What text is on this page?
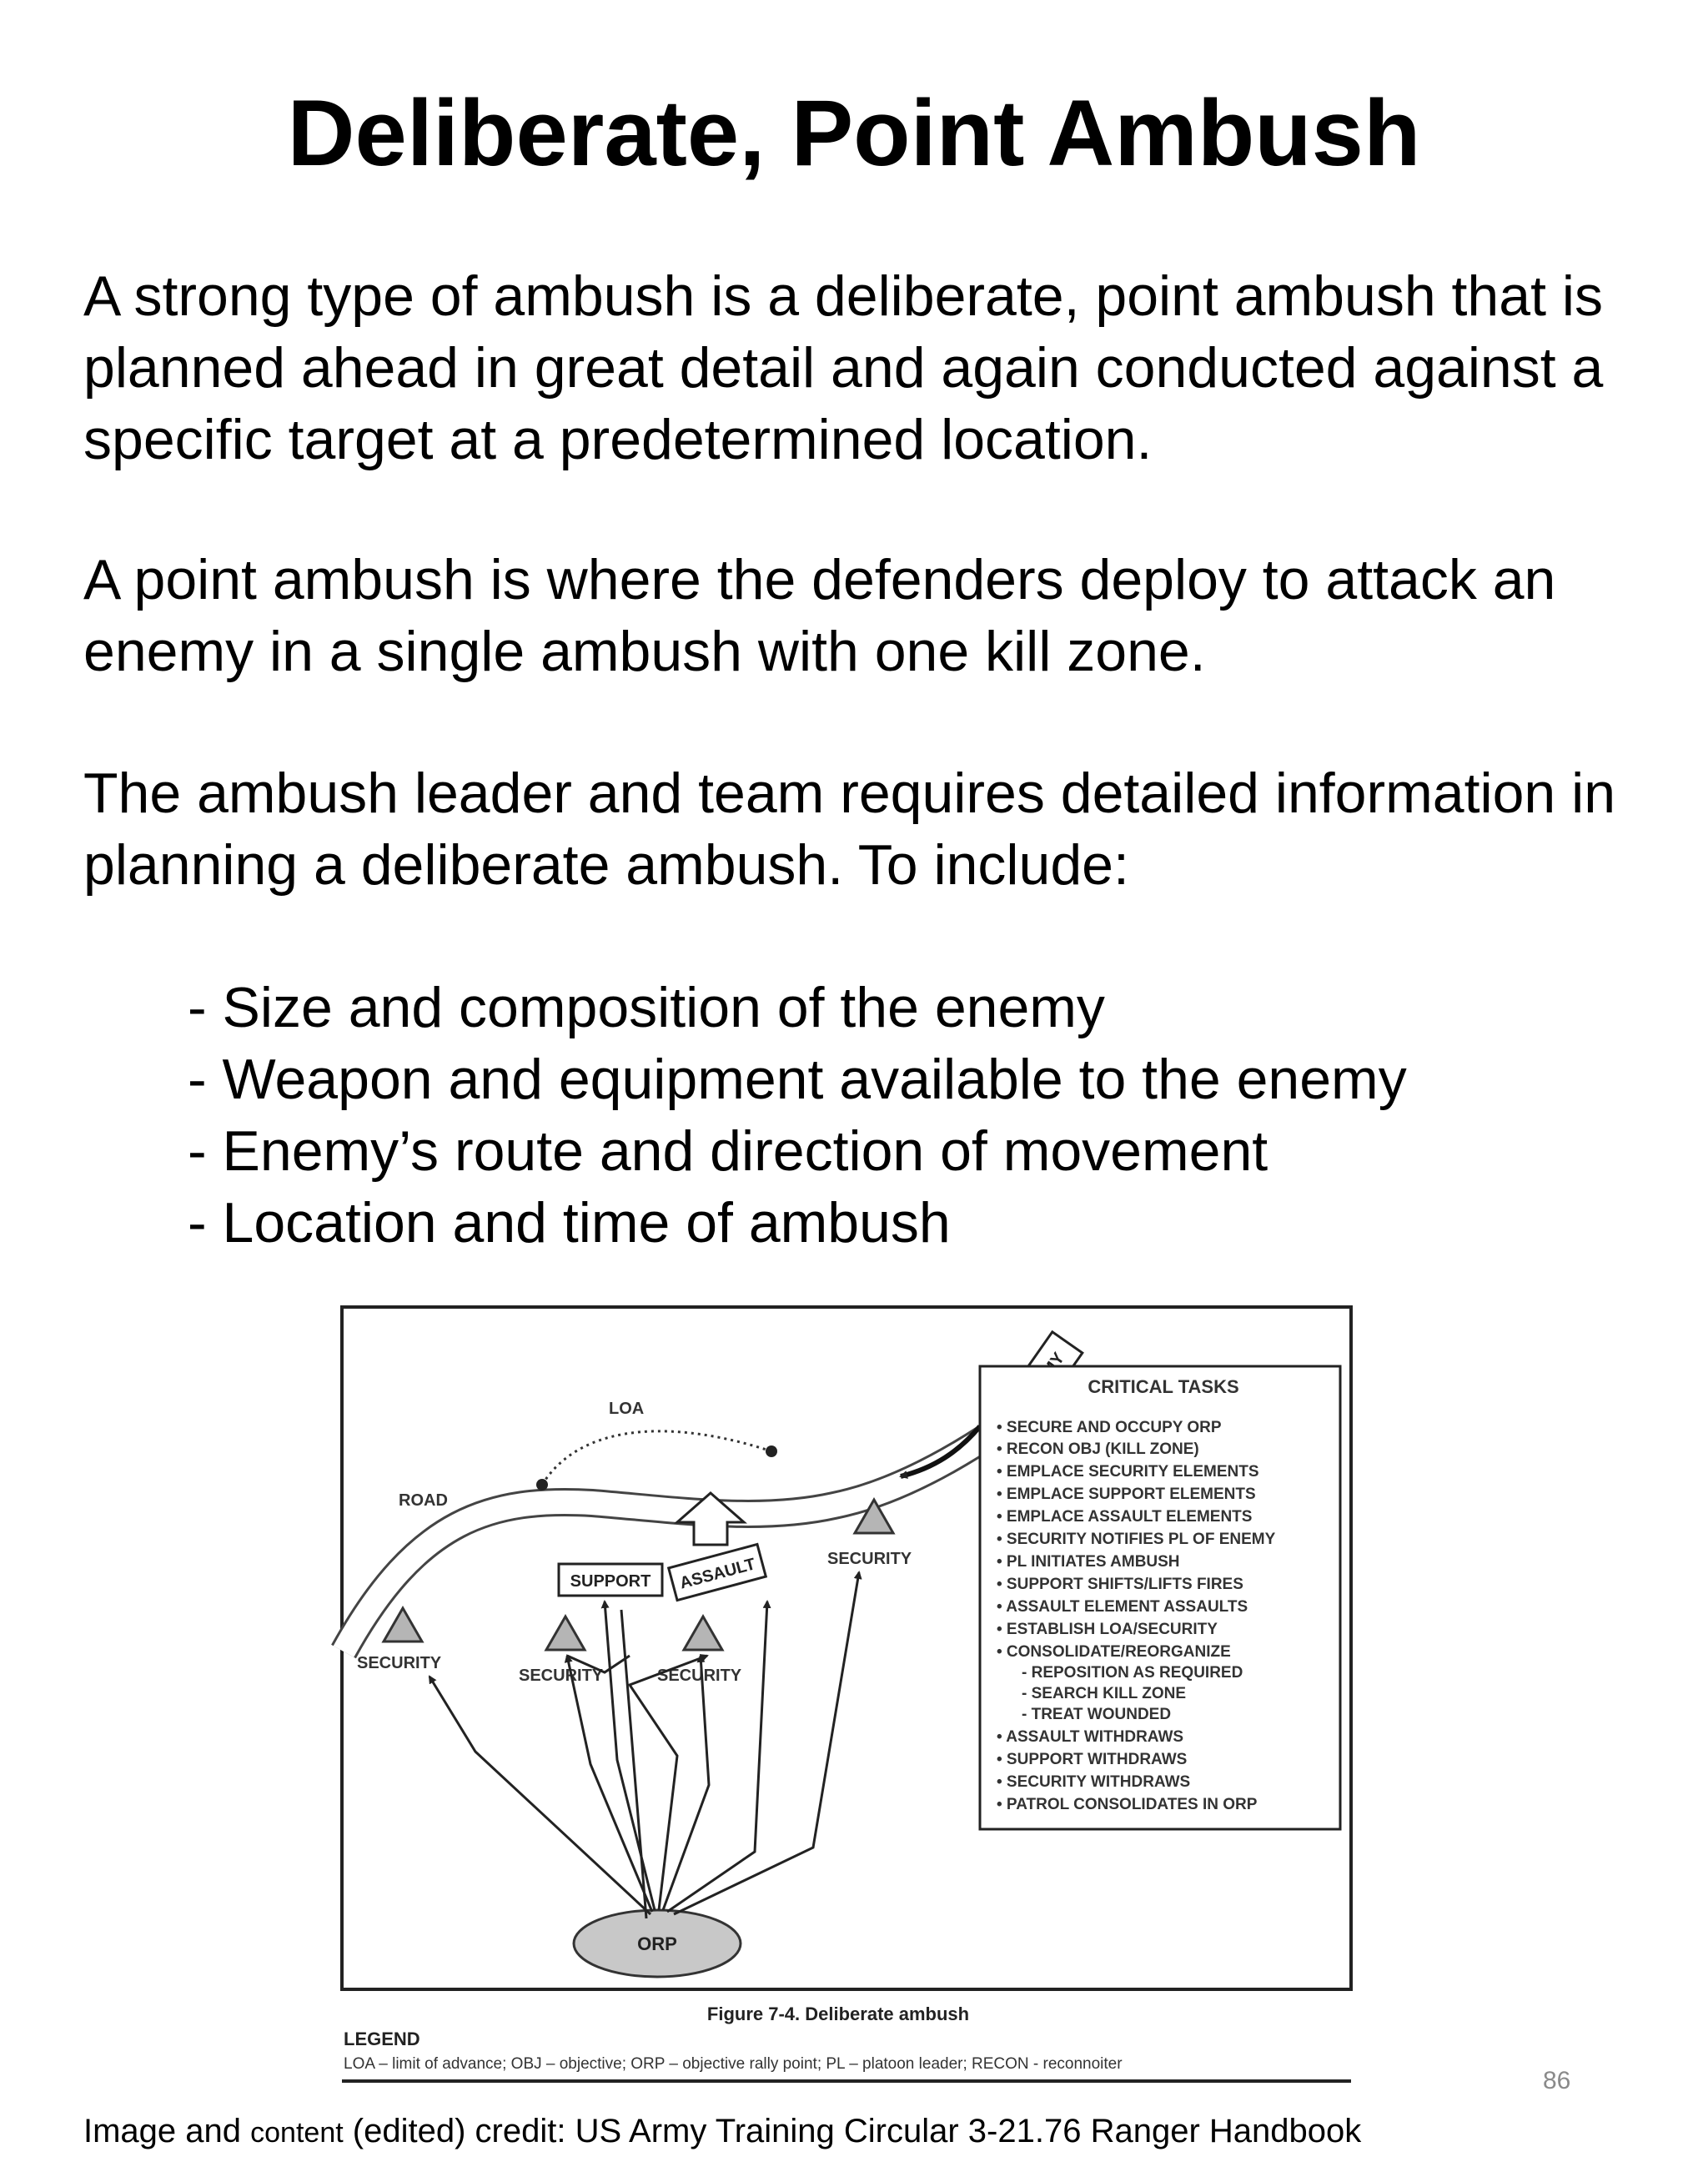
Deliberate, Point Ambush

A strong type of ambush is a deliberate, point ambush that is planned ahead in great detail and again conducted against a specific target at a predetermined location.

A point ambush is where the defenders deploy to attack an enemy in a single ambush with one kill zone.

The ambush leader and team requires detailed information in planning a deliberate ambush. To include:

- Size and composition of the enemy
- Weapon and equipment available to the enemy
- Enemy’s route and direction of movement
- Location and time of ambush
ROAD
LOA
SUPPORT ASSAULT
SECURITY
SECURITY	SECURITY
SECURITY
ORP
CRITICAL TASKS
• SECURE AND OCCUPY ORP
• RECON OBJ (KILL ZONE)
• EMPLACE SECURITY ELEMENTS
• EMPLACE SUPPORT ELEMENTS
• EMPLACE ASSAULT ELEMENTS
• SECURITY NOTIFIES PL OF ENEMY
• PL INITIATES AMBUSH
• SUPPORT SHIFTS/LIFTS FIRES
• ASSAULT ELEMENT ASSAULTS
• ESTABLISH LOA/SECURITY
• CONSOLIDATE/REORGANIZE
- REPOSITION AS REQUIRED
- SEARCH KILL ZONE
- TREAT WOUNDED
• ASSAULT WITHDRAWS
• SUPPORT WITHDRAWS
• SECURITY WITHDRAWS
• PATROL CONSOLIDATES IN ORP
Figure 7-4. Deliberate ambush
LEGEND
LOA – limit of advance; OBJ – objective; ORP – objective rally point; PL – platoon leader; RECON - reconnoiter
86
Image and content (edited) credit: US Army Training Circular 3-21.76 Ranger Handbook
